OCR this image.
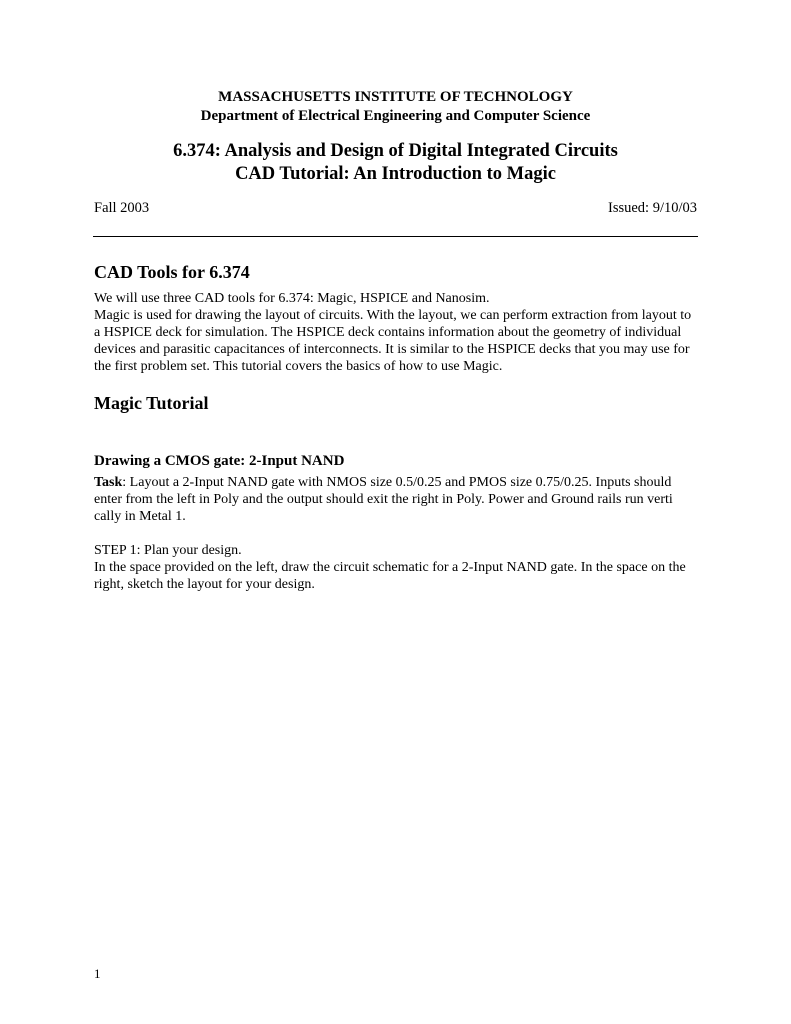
MASSACHUSETTS INSTITUTE OF TECHNOLOGY
Department of Electrical Engineering and Computer Science
6.374: Analysis and Design of Digital Integrated Circuits
CAD Tutorial: An Introduction to Magic
Fall 2003	Issued: 9/10/03
CAD Tools for 6.374
We will use three CAD tools for 6.374: Magic, HSPICE and Nanosim.
Magic is used for drawing the layout of circuits. With the layout, we can perform extraction from layout to
a HSPICE deck for simulation. The HSPICE deck contains information about the geometry of individual
devices and parasitic capacitances of interconnects. It is similar to the HSPICE decks that you may use for
the first problem set. This tutorial covers the basics of how to use Magic.
Magic Tutorial
Drawing a CMOS gate: 2-Input NAND
Task: Layout a 2-Input NAND gate with NMOS size 0.5/0.25 and PMOS size 0.75/0.25. Inputs should
enter from the left in Poly and the output should exit the right in Poly. Power and Ground rails run verti
cally in Metal 1.
STEP 1: Plan your design.
In the space provided on the left, draw the circuit schematic for a 2-Input NAND gate. In the space on the
right, sketch the layout for your design.
1
